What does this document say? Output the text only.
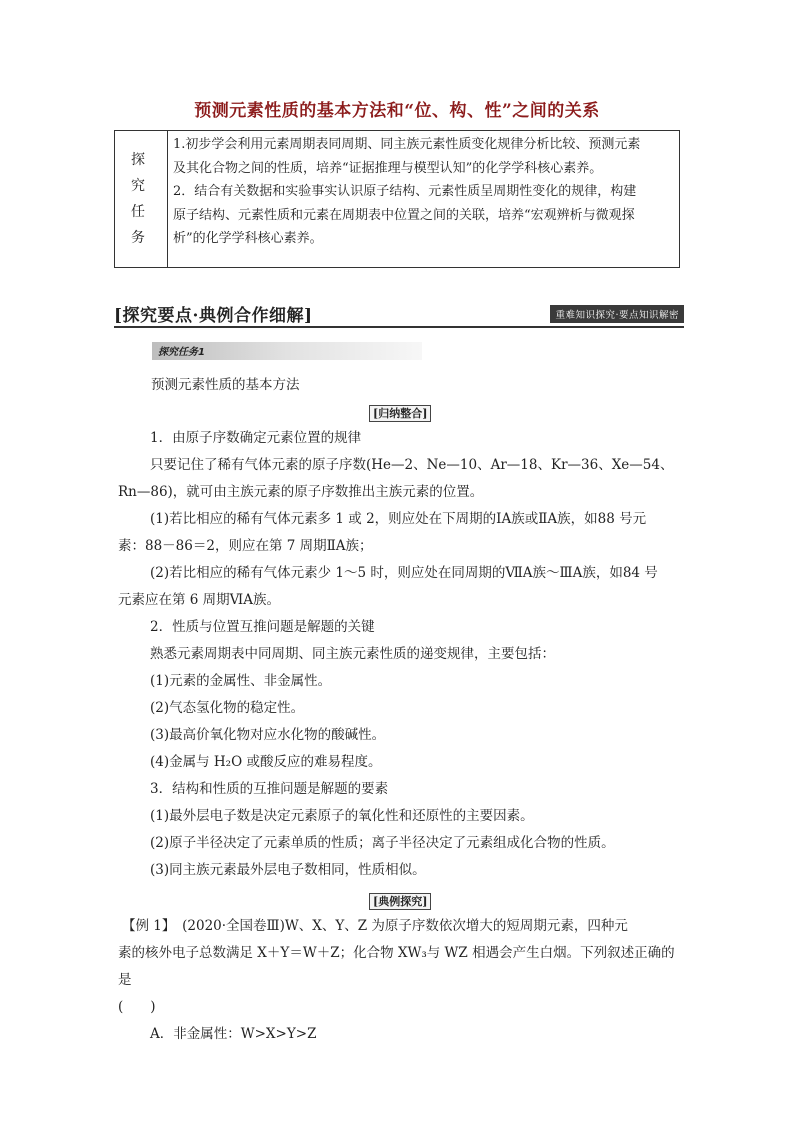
预测元素性质的基本方法和“位、构、性”之间的关系
探 究
任 务

1.初步学会利用元素周期表同周期、同主族元素性质变化规律分析比较、预测元素

及其化合物之间的性质，培养“证据推理与模型认知”的化学学科核心素养。

2．结合有关数据和实验事实认识原子结构、元素性质呈周期性变化的规律，构建

原子结构、元素性质和元素在周期表中位置之间的关联，培养“宏观辨析与微观探

析”的化学学科核心素养。

[探究要点·典例合作细解]	重难知识探究·要点知识解密
探究任务1
预测元素性质的基本方法
[归纳整合]

1．由原子序数确定元素位置的规律

只要记住了稀有气体元素的原子序数(He—2、Ne—10、Ar—18、Kr—36、Xe—54、

Rn—86)，就可由主族元素的原子序数推出主族元素的位置。

(1)若比相应的稀有气体元素多 1 或 2，则应处在下周期的ⅠA族或ⅡA族，如88 号元

素：88－86＝2，则应在第 7 周期ⅡA族；

(2)若比相应的稀有气体元素少 1～5 时，则应处在同周期的ⅦA族～ⅢA族，如84 号

元素应在第 6 周期ⅥA族。

2．性质与位置互推问题是解题的关键

熟悉元素周期表中同周期、同主族元素性质的递变规律，主要包括：

(1)元素的金属性、非金属性。

(2)气态氢化物的稳定性。

(3)最高价氧化物对应水化物的酸碱性。

(4)金属与 H₂O 或酸反应的难易程度。

3．结构和性质的互推问题是解题的要素

(1)最外层电子数是决定元素原子的氧化性和还原性的主要因素。

(2)原子半径决定了元素单质的性质；离子半径决定了元素组成化合物的性质。

(3)同主族元素最外层电子数相同，性质相似。

[典例探究]

【例 1】　(2020·全国卷Ⅲ)W、X、Y、Z 为原子序数依次增大的短周期元素，四种元

素的核外电子总数满足 X＋Y＝W＋Z；化合物 XW₃与 WZ 相遇会产生白烟。下列叙述正确的是

(　　)

A．非金属性：W>X>Y>Z
